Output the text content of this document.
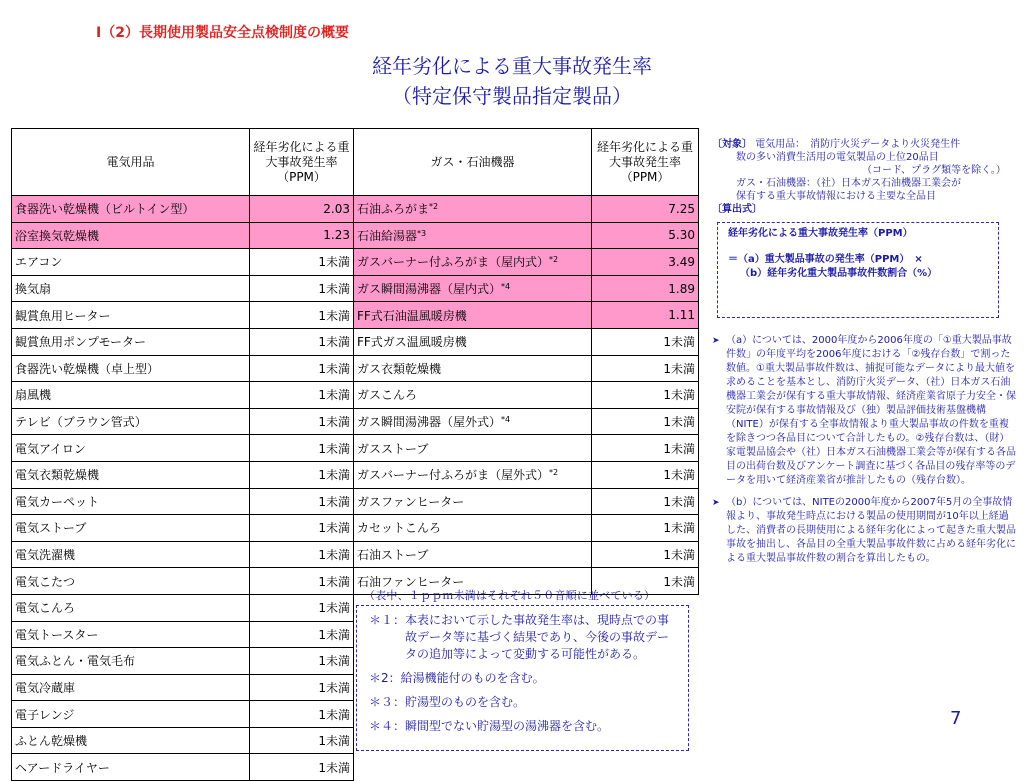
Ⅰ（2）長期使用製品安全点検制度の概要
経年劣化による重大事故発生率
（特定保守製品指定製品）
電気用品	経年劣化による重大事故発生率（PPM）	ガス・石油機器	経年劣化による重大事故発生率（PPM）
食器洗い乾燥機（ビルトイン型）	2.03	石油ふろがま$^{*2}$	7.25
浴室換気乾燥機	1.23	石油給湯器$^{*3}$	5.30
エアコン	1未満	ガスバーナー付ふろがま（屋内式）$^{*2}$	3.49
換気扇	1未満	ガス瞬間湯沸器（屋内式）$^{*4}$	1.89
観賞魚用ヒーター	1未満	FF式石油温風暖房機	1.11
観賞魚用ポンプモーター	1未満	FF式ガス温風暖房機	1未満
食器洗い乾燥機（卓上型）	1未満	ガス衣類乾燥機	1未満
扇風機	1未満	ガスこんろ	1未満
テレビ（ブラウン管式）	1未満	ガス瞬間湯沸器（屋外式）$^{*4}$	1未満
電気アイロン	1未満	ガスストーブ	1未満
電気衣類乾燥機	1未満	ガスバーナー付ふろがま（屋外式）$^{*2}$	1未満
電気カーペット	1未満	ガスファンヒーター	1未満
電気ストーブ	1未満	カセットこんろ	1未満
電気洗濯機	1未満	石油ストーブ	1未満
電気こたつ	1未満	石油ファンヒーター	1未満
電気こんろ	1未満		
電気トースター	1未満		
電気ふとん・電気毛布	1未満		
電気冷蔵庫	1未満		
電子レンジ	1未満		
ふとん乾燥機	1未満		
ヘアードライヤー	1未満		
（表中、１ｐｐｍ未満はそれぞれ５０音順に並べている）
＊１： 本表において示した事故発生率は、現時点での事故データ等に基づく結果であり、今後の事故データの追加等によって変動する可能性がある。
＊2： 給湯機能付のものを含む。
＊３： 貯湯型のものを含む。
＊４： 瞬間型でない貯湯型の湯沸器を含む。
〔対象〕 電気用品：　消防庁火災データより火災発生件
数の多い消費生活用の電気製品の上位20品目
（コード、プラグ類等を除く。）
ガス・石油機器：（社）日本ガス石油機器工業会が
保有する重大事故情報における主要な全品目
〔算出式〕
経年劣化による重大事故発生率（PPM）
＝（a）重大製品事故の発生率（PPM）　×
（b）経年劣化重大製品事故件数割合（%）
➤ （a）については、2000年度から2006年度の「①重大製品事故件数」の年度平均を2006年度における「②残存台数」で割った数値。①重大製品事故件数は、捕捉可能なデータにより最大値を求めることを基本とし、消防庁火災データ、（社）日本ガス石油機器工業会が保有する重大事故情報、経済産業省原子力安全・保安院が保有する事故情報及び（独）製品評価技術基盤機構（NITE）が保有する全事故情報より重大製品事故の件数を重複を除きつつ各品目について合計したもの。②残存台数は、（財）家電製品協会や（社）日本ガス石油機器工業会等が保有する各品目の出荷台数及びアンケート調査に基づく各品目の残存率等のデータを用いて経済産業省が推計したもの（残存台数）。
➤ （b）については、NITEの2000年度から2007年5月の全事故情報より、事故発生時点における製品の使用期間が10年以上経過した、消費者の長期使用による経年劣化によって起きた重大製品事故を抽出し、各品目の全重大製品事故件数に占める経年劣化による重大製品事故件数の割合を算出したもの。
7
